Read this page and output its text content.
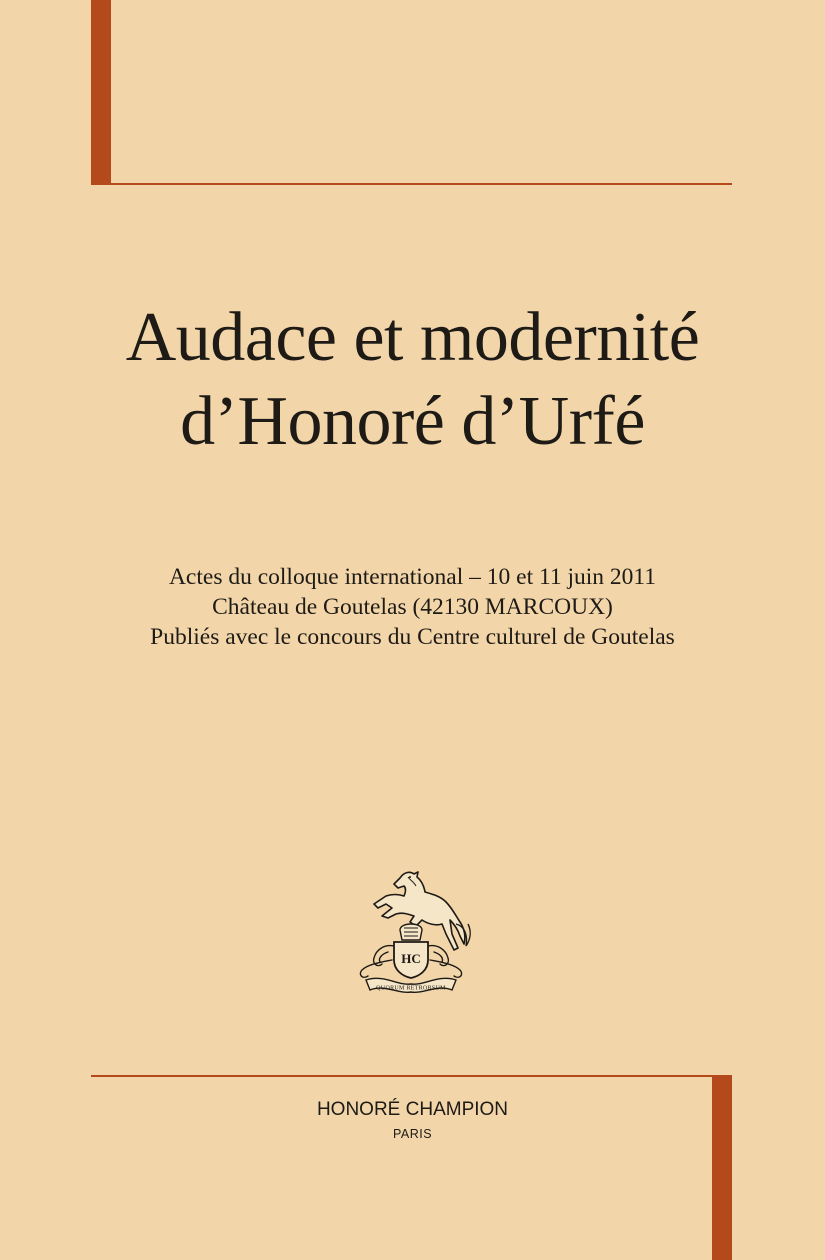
Audace et modernité
d’Honoré d’Urfé
Actes du colloque international – 10 et 11 juin 2011
Château de Goutelas (42130 MARCOUX)
Publiés avec le concours du Centre culturel de Goutelas
HC
QUORUM RETRORSUM
HONORÉ CHAMPION
PARIS
